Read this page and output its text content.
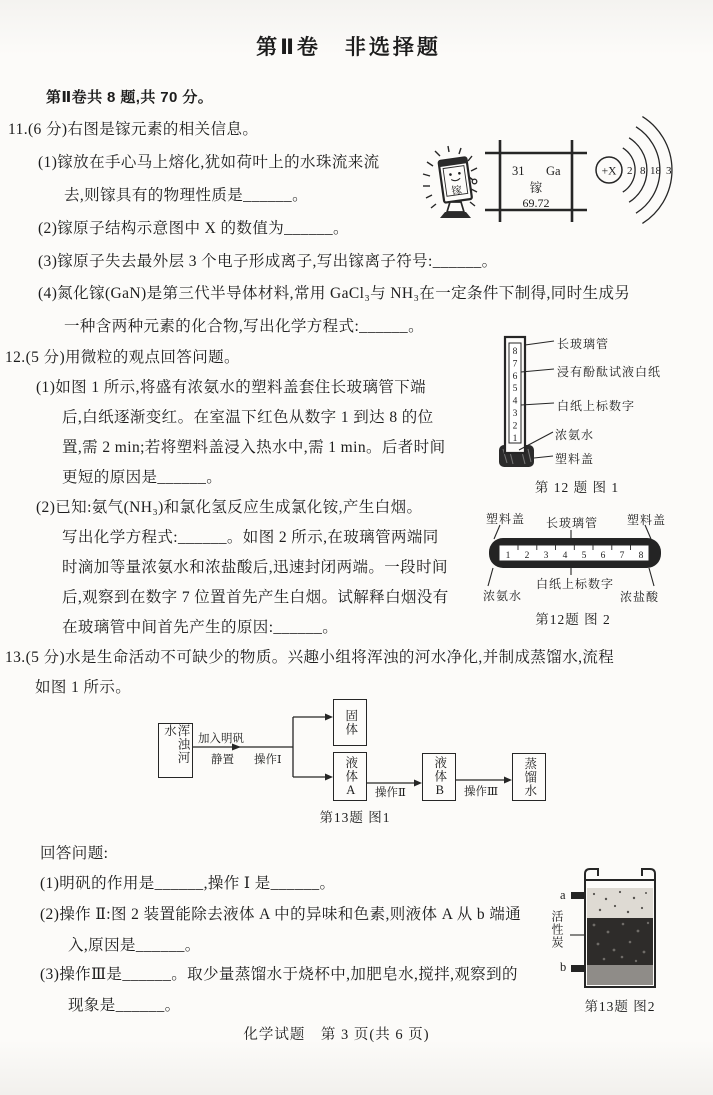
第Ⅱ卷　非选择题
第Ⅱ卷共 8 题,共 70 分。
11.(6 分)右图是镓元素的相关信息。
(1)镓放在手心马上熔化,犹如荷叶上的水珠流来流
去,则镓具有的物理性质是______。
(2)镓原子结构示意图中 X 的数值为______。
(3)镓原子失去最外层 3 个电子形成离子,写出镓离子符号:______。
(4)氮化镓(GaN)是第三代半导体材料,常用 GaCl₃与 NH₃在一定条件下制得,同时生成另
一种含两种元素的化合物,写出化学方程式:______。
镓
31 Ga
镓
69.72
+X 2 8 18 3
12.(5 分)用微粒的观点回答问题。
(1)如图 1 所示,将盛有浓氨水的塑料盖套住长玻璃管下端
后,白纸逐渐变红。在室温下红色从数字 1 到达 8 的位
置,需 2 min;若将塑料盖浸入热水中,需 1 min。后者时间
更短的原因是______。
(2)已知:氨气(NH₃)和氯化氢反应生成氯化铵,产生白烟。
写出化学方程式:______。如图 2 所示,在玻璃管两端同
时滴加等量浓氨水和浓盐酸后,迅速封闭两端。一段时间
后,观察到在数字 7 位置首先产生白烟。试解释白烟没有
在玻璃管中间首先产生的原因:______。
8
7
6
5
4
3
2
1
长玻璃管
浸有酚酞试液白纸
白纸上标数字
浓氨水
塑料盖
第 12 题 图 1
1 2 3 4 5 6 7 8
塑料盖 长玻璃管 塑料盖
浓氨水
白纸上标数字
浓盐酸
第12题 图 2
13.(5 分)水是生命活动不可缺少的物质。兴趣小组将浑浊的河水净化,并制成蒸馏水,流程
如图 1 所示。
浑浊河水
加入明矾
静置 操作Ⅰ
固体
液体A	操作Ⅱ	液体B	操作Ⅲ	蒸馏水
第13题 图1
回答问题:
(1)明矾的作用是______,操作 Ⅰ 是______。
(2)操作 Ⅱ:图 2 装置能除去液体 A 中的异味和色素,则液体 A 从 b 端通
入,原因是______。
(3)操作Ⅲ是______。取少量蒸馏水于烧杯中,加肥皂水,搅拌,观察到的
现象是______。
a
活性炭
b
第13题 图2
化学试题　第 3 页(共 6 页)
